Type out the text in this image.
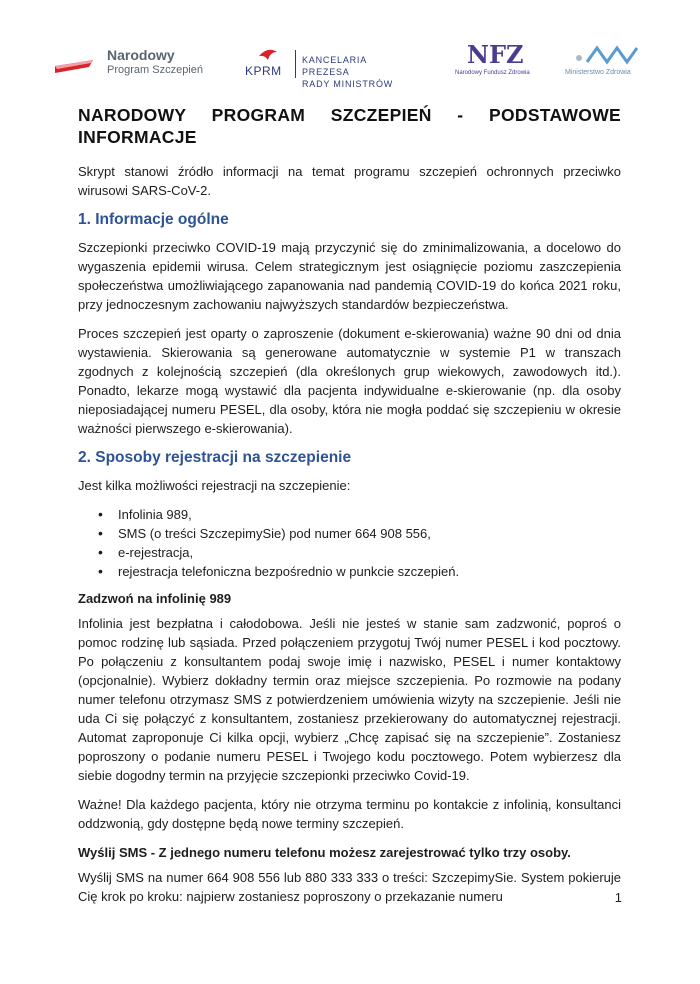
Narodowy
Program Szczepień	KPRM
KANCELARIA PREZESA
RADY MINISTRÓW
NFZ
Narodowy Fundusz Zdrowia	Ministerstwo Zdrowia
NARODOWY PROGRAM SZCZEPIEŃ - PODSTAWOWE INFORMACJE

Skrypt stanowi źródło informacji na temat programu szczepień ochronnych przeciwko wirusowi SARS-CoV-2.

1. Informacje ogólne

Szczepionki przeciwko COVID-19 mają przyczynić się do zminimalizowania, a docelowo do wygaszenia epidemii wirusa. Celem strategicznym jest osiągnięcie poziomu zaszczepienia społeczeństwa umożliwiającego zapanowania nad pandemią COVID-19 do końca 2021 roku, przy jednoczesnym zachowaniu najwyższych standardów bezpieczeństwa.

Proces szczepień jest oparty o zaproszenie (dokument e-skierowania) ważne 90 dni od dnia wystawienia. Skierowania są generowane automatycznie w systemie P1 w transzach zgodnych z kolejnością szczepień (dla określonych grup wiekowych, zawodowych itd.). Ponadto, lekarze mogą wystawić dla pacjenta indywidualne e-skierowanie (np. dla osoby nieposiadającej numeru PESEL, dla osoby, która nie mogła poddać się szczepieniu w okresie ważności pierwszego e-skierowania).

2. Sposoby rejestracji na szczepienie

Jest kilka możliwości rejestracji na szczepienie:

• Infolinia 989,
• SMS (o treści SzczepimySie) pod numer 664 908 556,
• e-rejestracja,
• rejestracja telefoniczna bezpośrednio w punkcie szczepień.
Zadzwoń na infolinię 989

Infolinia jest bezpłatna i całodobowa. Jeśli nie jesteś w stanie sam zadzwonić, poproś o pomoc rodzinę lub sąsiada. Przed połączeniem przygotuj Twój numer PESEL i kod pocztowy. Po połączeniu z konsultantem podaj swoje imię i nazwisko, PESEL i numer kontaktowy (opcjonalnie). Wybierz dokładny termin oraz miejsce szczepienia. Po rozmowie na podany numer telefonu otrzymasz SMS z potwierdzeniem umówienia wizyty na szczepienie. Jeśli nie uda Ci się połączyć z konsultantem, zostaniesz przekierowany do automatycznej rejestracji. Automat zaproponuje Ci kilka opcji, wybierz „Chcę zapisać się na szczepienie”. Zostaniesz poproszony o podanie numeru PESEL i Twojego kodu pocztowego. Potem wybierzesz dla siebie dogodny termin na przyjęcie szczepionki przeciwko Covid-19.

Ważne! Dla każdego pacjenta, który nie otrzyma terminu po kontakcie z infolinią, konsultanci oddzwonią, gdy dostępne będą nowe terminy szczepień.

Wyślij SMS - Z jednego numeru telefonu możesz zarejestrować tylko trzy osoby.

Wyślij SMS na numer 664 908 556 lub 880 333 333 o treści: SzczepimySie. System pokieruje Cię krok po kroku: najpierw zostaniesz poproszony o przekazanie numeru	1
